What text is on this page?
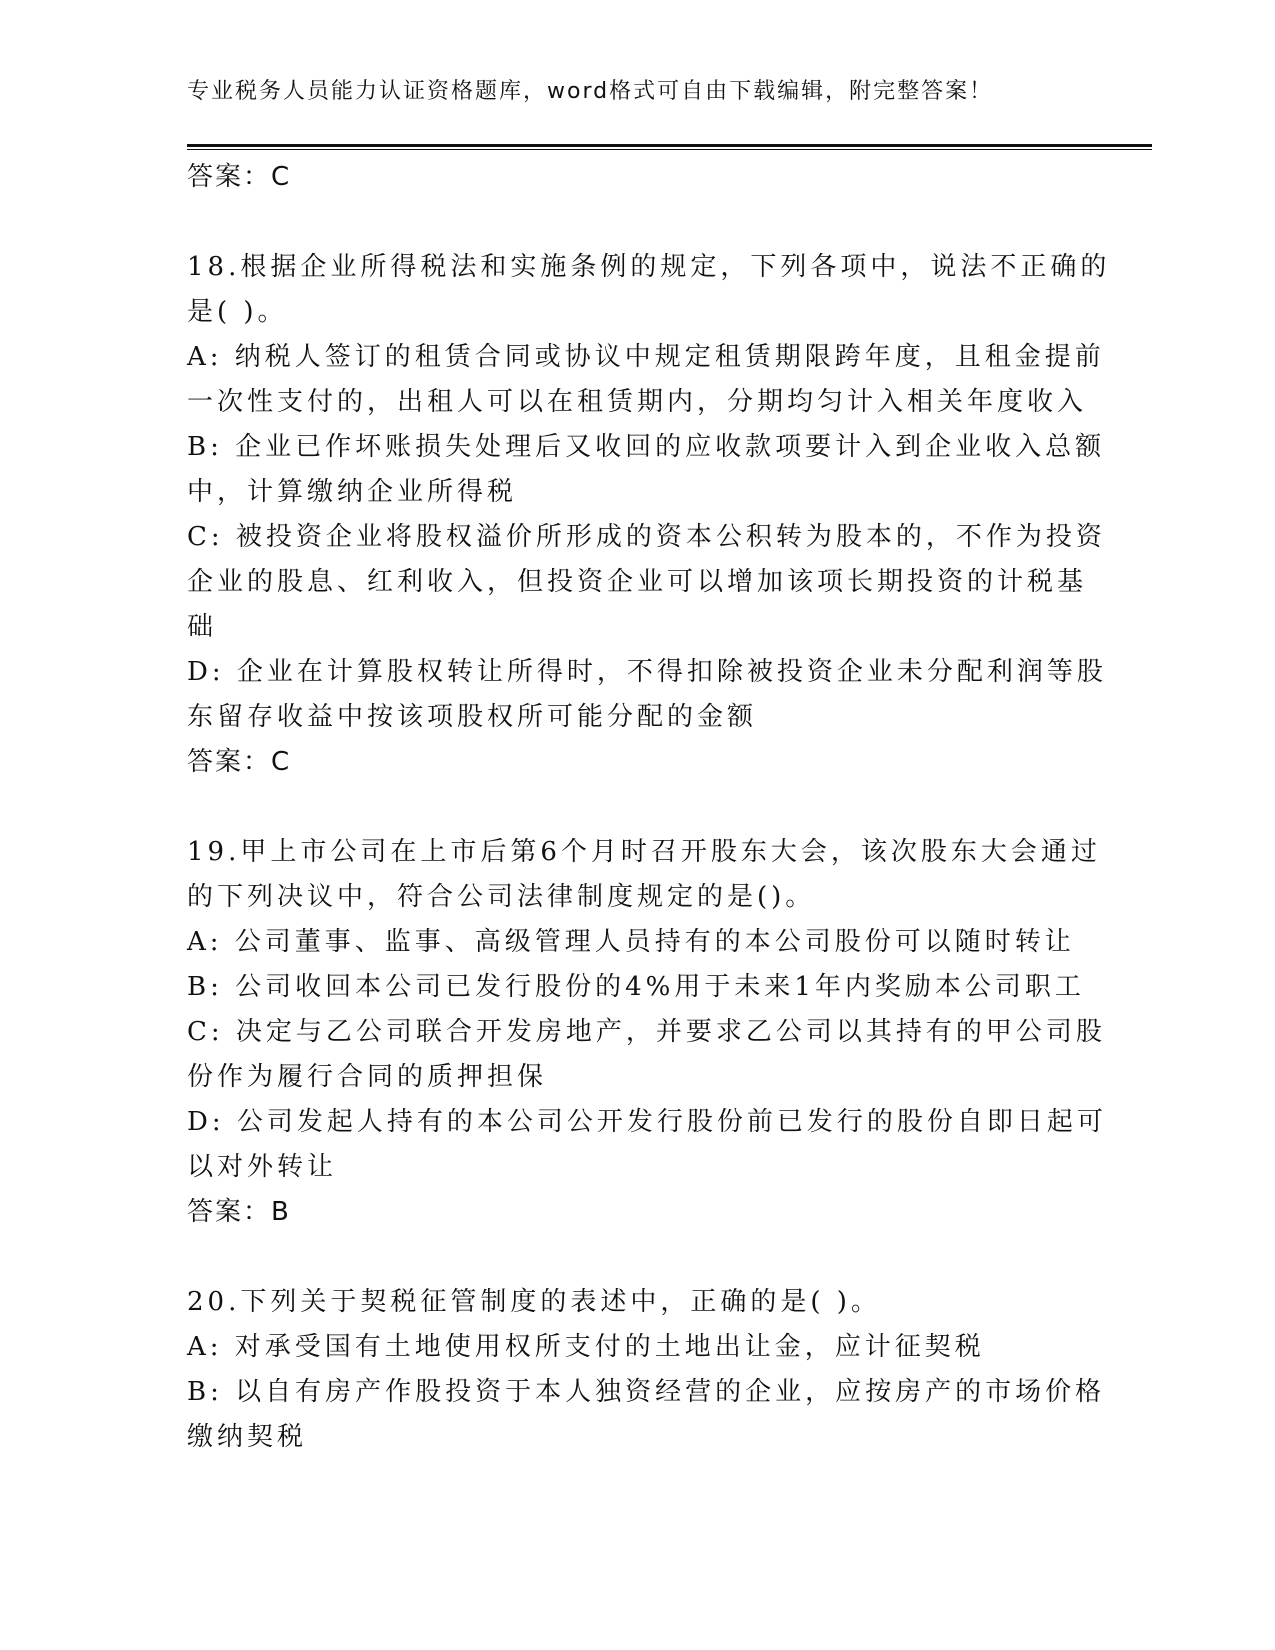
专业税务人员能力认证资格题库，word格式可自由下载编辑，附完整答案！
答案：C
18.根据企业所得税法和实施条例的规定，下列各项中，说法不正确的
是( )。
A: 纳税人签订的租赁合同或协议中规定租赁期限跨年度，且租金提前
一次性支付的，出租人可以在租赁期内，分期均匀计入相关年度收入
B: 企业已作坏账损失处理后又收回的应收款项要计入到企业收入总额
中，计算缴纳企业所得税
C: 被投资企业将股权溢价所形成的资本公积转为股本的，不作为投资
企业的股息、红利收入，但投资企业可以增加该项长期投资的计税基
础
D: 企业在计算股权转让所得时，不得扣除被投资企业未分配利润等股
东留存收益中按该项股权所可能分配的金额
答案：C
19.甲上市公司在上市后第6个月时召开股东大会，该次股东大会通过
的下列决议中，符合公司法律制度规定的是()。
A: 公司董事、监事、高级管理人员持有的本公司股份可以随时转让
B: 公司收回本公司已发行股份的4%用于未来1年内奖励本公司职工
C: 决定与乙公司联合开发房地产，并要求乙公司以其持有的甲公司股
份作为履行合同的质押担保
D: 公司发起人持有的本公司公开发行股份前已发行的股份自即日起可
以对外转让
答案：B
20.下列关于契税征管制度的表述中，正确的是( )。
A: 对承受国有土地使用权所支付的土地出让金，应计征契税
B: 以自有房产作股投资于本人独资经营的企业，应按房产的市场价格
缴纳契税
